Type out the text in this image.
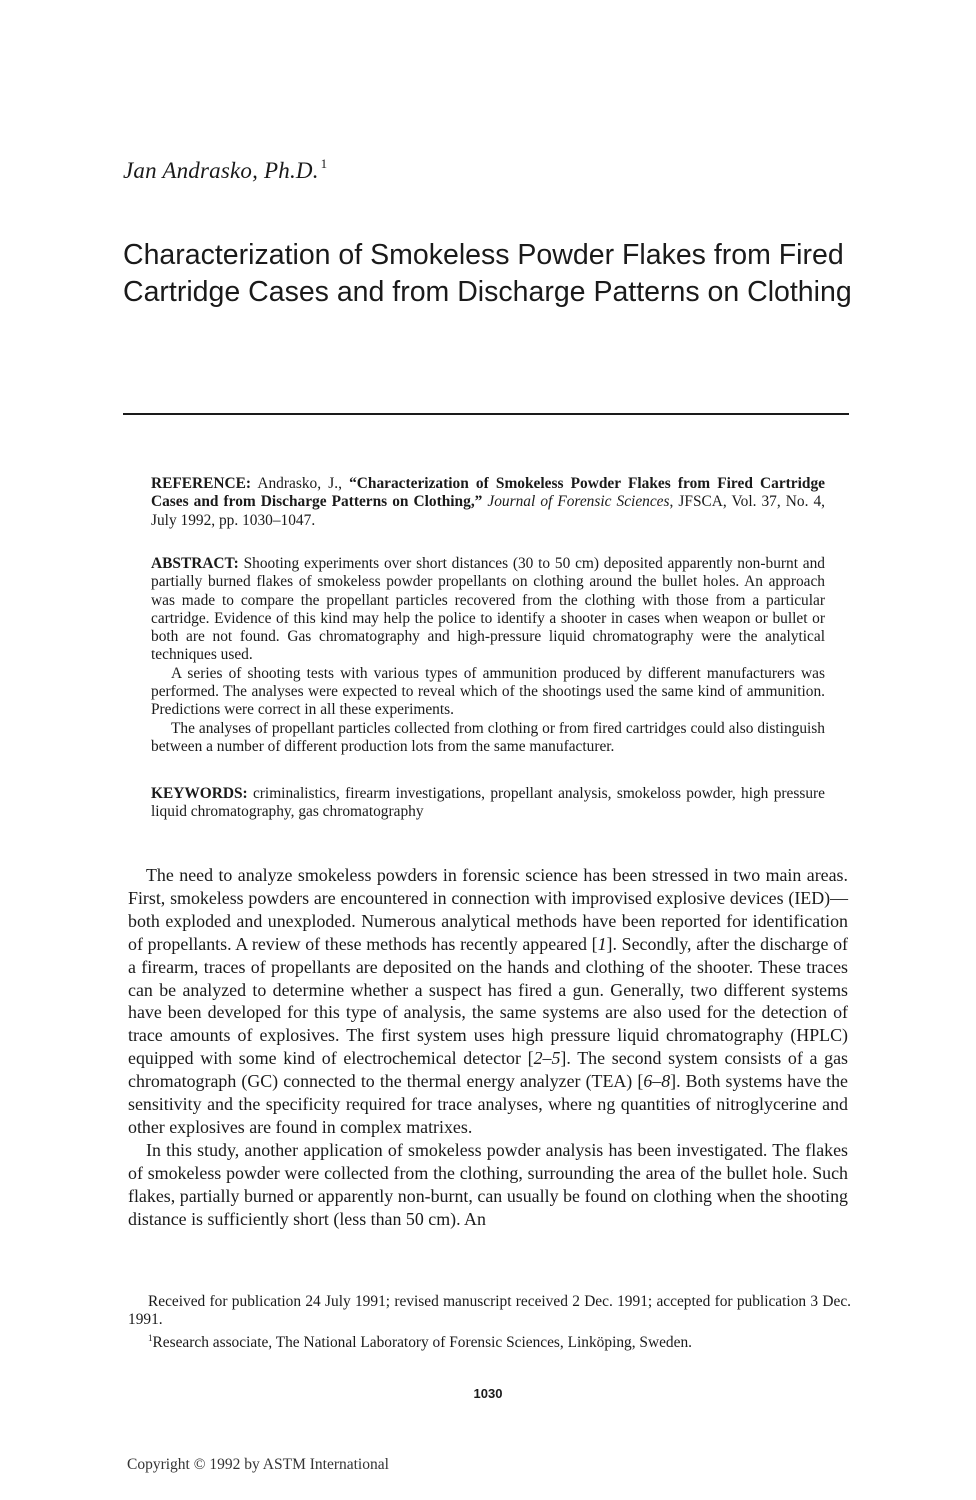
Jan Andrasko, Ph.D. $^1$
Characterization of Smokeless Powder Flakes from Fired Cartridge Cases and from Discharge Patterns on Clothing

REFERENCE: Andrasko, J., “Characterization of Smokeless Powder Flakes from Fired Cartridge Cases and from Discharge Patterns on Clothing,” Journal of Forensic Sciences, JFSCA, Vol. 37, No. 4, July 1992, pp. 1030–1047.

ABSTRACT: Shooting experiments over short distances (30 to 50 cm) deposited apparently non-burnt and partially burned flakes of smokeless powder propellants on clothing around the bullet holes. An approach was made to compare the propellant particles recovered from the clothing with those from a particular cartridge. Evidence of this kind may help the police to identify a shooter in cases when weapon or bullet or both are not found. Gas chromatography and high-pressure liquid chromatography were the analytical techniques used.

A series of shooting tests with various types of ammunition produced by different manufacturers was performed. The analyses were expected to reveal which of the shootings used the same kind of ammunition. Predictions were correct in all these experiments.

The analyses of propellant particles collected from clothing or from fired cartridges could also distinguish between a number of different production lots from the same manufacturer.

KEYWORDS: criminalistics, firearm investigations, propellant analysis, smokeloss powder, high pressure liquid chromatography, gas chromatography

The need to analyze smokeless powders in forensic science has been stressed in two main areas. First, smokeless powders are encountered in connection with improvised explosive devices (IED)—both exploded and unexploded. Numerous analytical methods have been reported for identification of propellants. A review of these methods has recently appeared [1]. Secondly, after the discharge of a firearm, traces of propellants are deposited on the hands and clothing of the shooter. These traces can be analyzed to determine whether a suspect has fired a gun. Generally, two different systems have been developed for this type of analysis, the same systems are also used for the detection of trace amounts of explosives. The first system uses high pressure liquid chromatography (HPLC) equipped with some kind of electrochemical detector [2–5]. The second system consists of a gas chromatograph (GC) connected to the thermal energy analyzer (TEA) [6–8]. Both systems have the sensitivity and the specificity required for trace analyses, where ng quantities of nitroglycerine and other explosives are found in complex matrixes.

In this study, another application of smokeless powder analysis has been investigated. The flakes of smokeless powder were collected from the clothing, surrounding the area of the bullet hole. Such flakes, partially burned or apparently non-burnt, can usually be found on clothing when the shooting distance is sufficiently short (less than 50 cm). An

Received for publication 24 July 1991; revised manuscript received 2 Dec. 1991; accepted for publication 3 Dec. 1991.

$^1$Research associate, The National Laboratory of Forensic Sciences, Linköping, Sweden.

1030
Copyright © 1992 by ASTM International
